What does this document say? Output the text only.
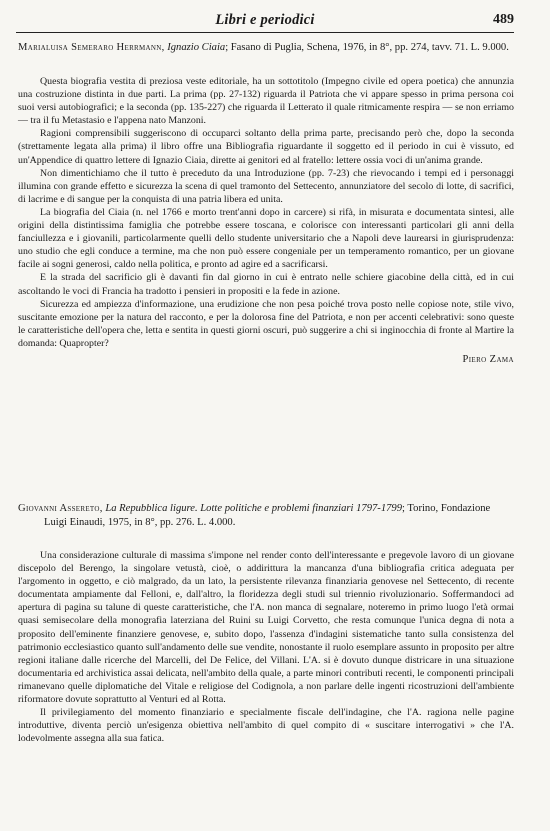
Libri e periodici	489

Marialuisa Semeraro Herrmann, Ignazio Ciaia; Fasano di Puglia, Schena, 1976, in 8°, pp. 274, tavv. 71. L. 9.000.

Questa biografia vestita di preziosa veste editoriale, ha un sottotitolo (Impegno civile ed opera poetica) che annunzia una costruzione distinta in due parti. La prima (pp. 27-132) riguarda il Patriota che vi appare spesso in prima persona coi suoi versi autobiografici; e la seconda (pp. 135-227) che riguarda il Letterato il quale ritmicamente respira — se non erriamo — tra il fu Metastasio e l'appena nato Manzoni.

Ragioni comprensibili suggeriscono di occuparci soltanto della prima parte, precisando però che, dopo la seconda (strettamente legata alla prima) il libro offre una Bibliografia riguardante il soggetto ed il periodo in cui è vissuto, ed un'Appendice di quattro lettere di Ignazio Ciaia, dirette ai genitori ed al fratello: lettere ossia voci di un'anima grande.

Non dimentichiamo che il tutto è preceduto da una Introduzione (pp. 7-23) che rievocando i tempi ed i personaggi illumina con grande effetto e sicurezza la scena di quel tramonto del Settecento, annunziatore del secolo di lotte, di sacrifici, di lacrime e di sangue per la conquista di una patria libera ed unita.

La biografia del Ciaia (n. nel 1766 e morto trent'anni dopo in carcere) si rifà, in misurata e documentata sintesi, alle origini della distintissima famiglia che potrebbe essere toscana, e colorisce con interessanti particolari gli anni della fanciullezza e i giovanili, particolarmente quelli dello studente universitario che a Napoli deve laurearsi in giurisprudenza: uno studio che egli conduce a termine, ma che non può essere congeniale per un temperamento romantico, per un giovane facile ai sogni generosi, caldo nella politica, e pronto ad agire ed a sacrificarsi.

E la strada del sacrificio gli è davanti fin dal giorno in cui è entrato nelle schiere giacobine della città, ed in cui ascoltando le voci di Francia ha tradotto i pensieri in propositi e la fede in azione.

Sicurezza ed ampiezza d'informazione, una erudizione che non pesa poiché trova posto nelle copiose note, stile vivo, suscitante emozione per la natura del racconto, e per la dolorosa fine del Patriota, e non per accenti celebrativi: sono queste le caratteristiche dell'opera che, letta e sentita in questi giorni oscuri, può suggerire a chi si inginocchia di fronte al Martire la domanda: Quapropter?

Piero Zama

Giovanni Assereto, La Repubblica ligure. Lotte politiche e problemi finanziari 1797-1799; Torino, Fondazione Luigi Einaudi, 1975, in 8°, pp. 276. L. 4.000.

Una considerazione culturale di massima s'impone nel render conto dell'interessante e pregevole lavoro di un giovane discepolo del Berengo, la singolare vetustà, cioè, o addirittura la mancanza d'una bibliografia critica adeguata per l'argomento in oggetto, e ciò malgrado, da un lato, la persistente rilevanza finanziaria genovese nel Settecento, di recente documentata ampiamente dal Felloni, e, dall'altro, la floridezza degli studi sul triennio rivoluzionario. Soffermandoci ad apertura di pagina su talune di queste caratteristiche, che l'A. non manca di segnalare, noteremo in primo luogo l'età ormai quasi semisecolare della monografia laterziana del Ruini su Luigi Corvetto, che resta comunque l'unica degna di nota a proposito dell'eminente finanziere genovese, e, subito dopo, l'assenza d'indagini sistematiche tanto sulla consistenza del patrimonio ecclesiastico quanto sull'andamento delle sue vendite, nonostante il ruolo esemplare assunto in proposito per altre regioni italiane dalle ricerche del Marcelli, del De Felice, del Villani. L'A. si è dovuto dunque districare in una situazione documentaria ed archivistica assai delicata, nell'ambito della quale, a parte minori contributi recenti, le componenti principali rimanevano quelle diplomatiche del Vitale e religiose del Codignola, a non parlare delle ingenti ricostruzioni dell'ambiente riformatore dovute soprattutto al Venturi ed al Rotta.

Il privilegiamento del momento finanziario e specialmente fiscale dell'indagine, che l'A. ragiona nelle pagine introduttive, diventa perciò un'esigenza obiettiva nell'ambito di quel compito di « suscitare interrogativi » che l'A. lodevolmente assegna alla sua fatica.
